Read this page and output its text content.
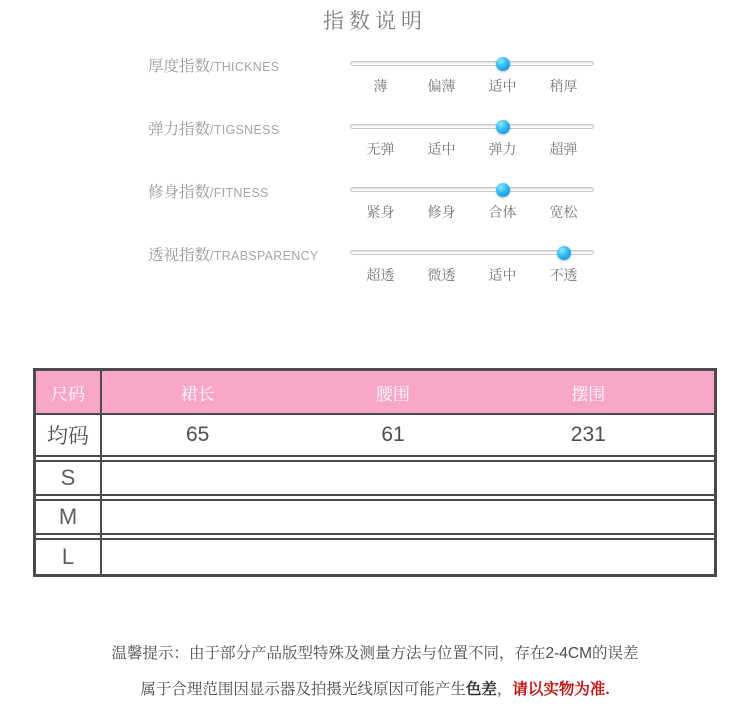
指数说明
厚度指数/THICKNES
薄	偏薄	适中	稍厚
弹力指数/TIGSNESS
无弹	适中	弹力	超弹
修身指数/FITNESS
紧身	修身	合体	宽松
透视指数/TRABSPARENCY
超透	微透	适中	不透
尺码	裙长	腰围	摆围
均码	65	61	231
S
M
L
温馨提示：由于部分产品版型特殊及测量方法与位置不同，存在2-4CM的误差
属于合理范围因显示器及拍摄光线原因可能产生色差，请以实物为准.
